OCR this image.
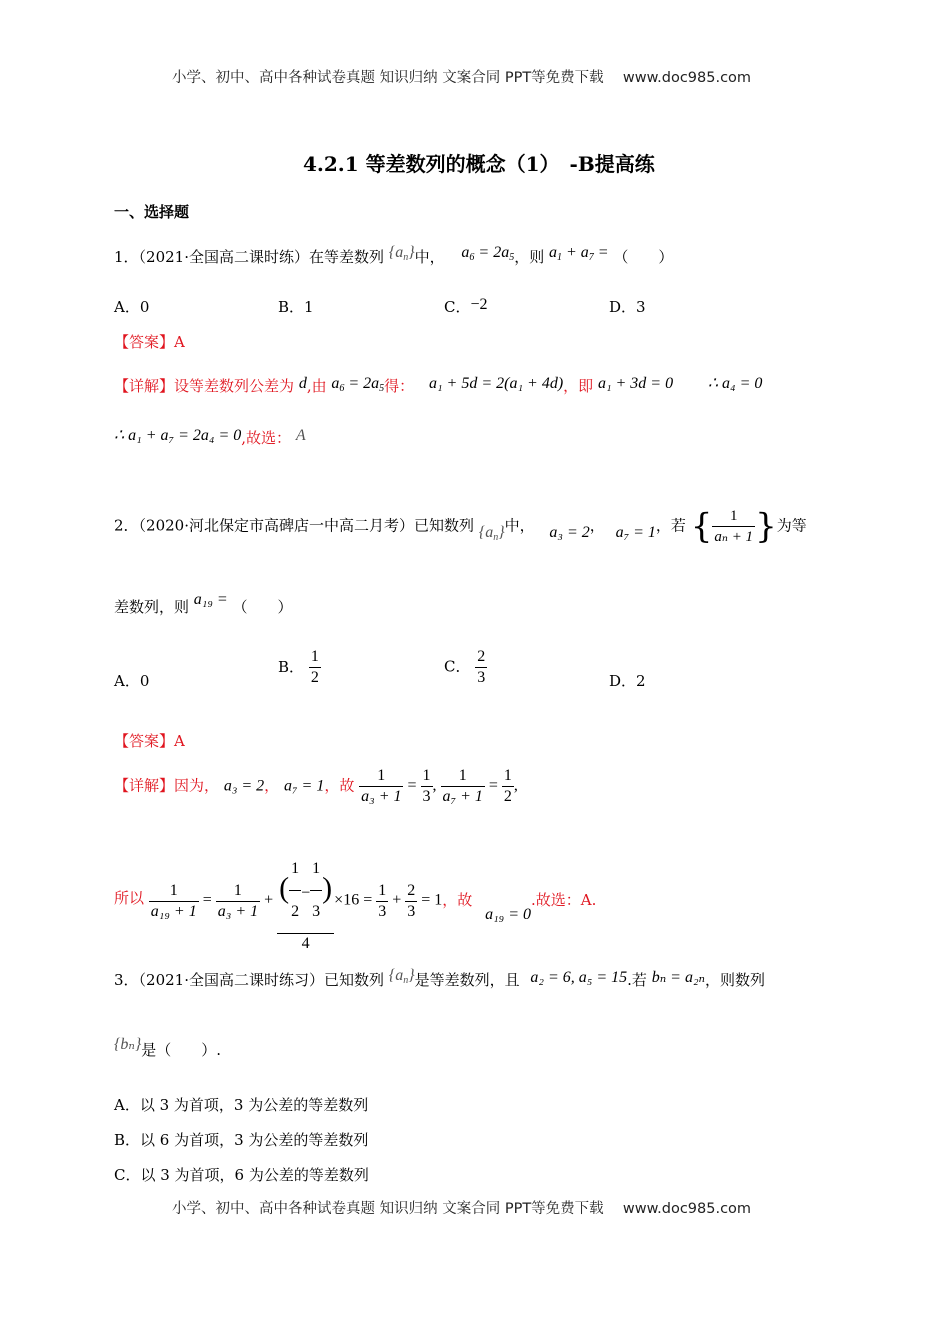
小学、初中、高中各种试卷真题 知识归纳 文案合同 PPT等免费下载 www.doc985.com
4.2.1 等差数列的概念（1）　-B提高练
一、选择题
1．（2021·全国高二课时练）在等差数列 $\{a_n\}$中， $a_6 = 2a_5$，则 $a_1 + a_7$ = （　　）
A．0	B．1	C．−2	D．3
【答案】A
【详解】设等差数列公差为 d,由 $a_6 = 2a_5$得： a₁ + 5d = 2(a₁ + 4d)，即 a₁ + 3d = 0 ∴ a₄ = 0
∴ a₁ + a₇ = 2a₄ = 0,故选： A
2．（2020·河北保定市高碑店一中高二月考）已知数列 $\{a_n\}$中， a₃ = 2， a₇ = 1，若 { $\frac{1}{\text{aₙ + 1}}$ }为等
差数列，则 a₁₉ = （　　）
A．0
B． $\frac{1}{2}$	C． $\frac{2}{3}$	D．2
【答案】A
【详解】因为， a₃ = 2， a₇ = 1，故 $\frac{1}{\text{a₃ + 1}} = \frac{1}{3}$ , $\frac{1}{\text{a₇ + 1}} = \frac{1}{2}$ ,
所以 $\frac{1}{\text{a₁₉ + 1}} = \frac{1}{\text{a₃ + 1}} + \frac{( \frac{1}{2} - \frac{1}{3} )}{4} \times 16 = \frac{1}{3} + \frac{2}{3} = 1$，故 a₁₉ = 0.故选：A.
3．（2021·全国高二课时练习）已知数列 $\{a_n\}$是等差数列，且 a₂ = 6, a₅ = 15.若 bₙ = a₂ₙ，则数列
{bₙ}是（　　）.
A．以 3 为首项，3 为公差的等差数列
B．以 6 为首项，3 为公差的等差数列
C．以 3 为首项，6 为公差的等差数列
小学、初中、高中各种试卷真题 知识归纳 文案合同 PPT等免费下载 www.doc985.com
